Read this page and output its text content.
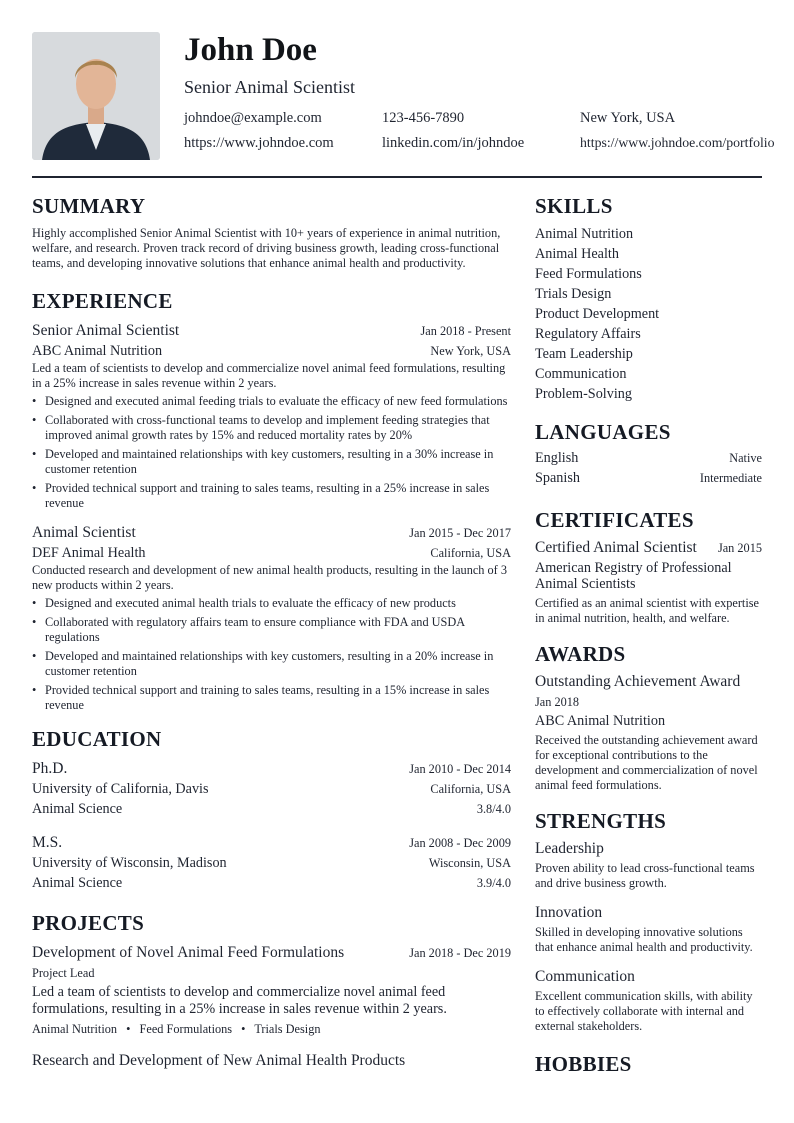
John Doe
Senior Animal Scientist
johndoe@example.com	123-456-7890	New York, USA
https://www.johndoe.com	linkedin.com/in/johndoe	https://www.johndoe.com/portfolio
SUMMARY

Highly accomplished Senior Animal Scientist with 10+ years of experience in animal nutrition, welfare, and research. Proven track record of driving business growth, leading cross-functional teams, and developing innovative solutions that enhance animal health and productivity.

EXPERIENCE
Senior Animal Scientist	Jan 2018 - Present
ABC Animal Nutrition	New York, USA
Led a team of scientists to develop and commercialize novel animal feed formulations, resulting in a 25% increase in sales revenue within 2 years.
• Designed and executed animal feeding trials to evaluate the efficacy of new feed formulations
• Collaborated with cross-functional teams to develop and implement feeding strategies that improved animal growth rates by 15% and reduced mortality rates by 20%
• Developed and maintained relationships with key customers, resulting in a 30% increase in customer retention
• Provided technical support and training to sales teams, resulting in a 25% increase in sales revenue
Animal Scientist	Jan 2015 - Dec 2017
DEF Animal Health	California, USA
Conducted research and development of new animal health products, resulting in the launch of 3 new products within 2 years.
• Designed and executed animal health trials to evaluate the efficacy of new products
• Collaborated with regulatory affairs team to ensure compliance with FDA and USDA regulations
• Developed and maintained relationships with key customers, resulting in a 20% increase in customer retention
• Provided technical support and training to sales teams, resulting in a 15% increase in sales revenue
EDUCATION
Ph.D.	Jan 2010 - Dec 2014
University of California, Davis	California, USA
Animal Science	3.8/4.0
M.S.	Jan 2008 - Dec 2009
University of Wisconsin, Madison	Wisconsin, USA
Animal Science	3.9/4.0
PROJECTS
Development of Novel Animal Feed Formulations	Jan 2018 - Dec 2019
Project Lead
Led a team of scientists to develop and commercialize novel animal feed formulations, resulting in a 25% increase in sales revenue within 2 years.
Animal Nutrition • Feed Formulations • Trials Design
Research and Development of New Animal Health Products
SKILLS
Animal Nutrition
Animal Health
Feed Formulations
Trials Design
Product Development
Regulatory Affairs
Team Leadership
Communication
Problem-Solving
LANGUAGES
English	Native
Spanish	Intermediate
CERTIFICATES
Certified Animal Scientist Jan 2015
American Registry of Professional Animal Scientists
Certified as an animal scientist with expertise in animal nutrition, health, and welfare.
AWARDS
Outstanding Achievement Award
Jan 2018
ABC Animal Nutrition
Received the outstanding achievement award for exceptional contributions to the development and commercialization of novel animal feed formulations.
STRENGTHS
Leadership
Proven ability to lead cross-functional teams and drive business growth.
Innovation
Skilled in developing innovative solutions that enhance animal health and productivity.
Communication
Excellent communication skills, with ability to effectively collaborate with internal and external stakeholders.
HOBBIES
